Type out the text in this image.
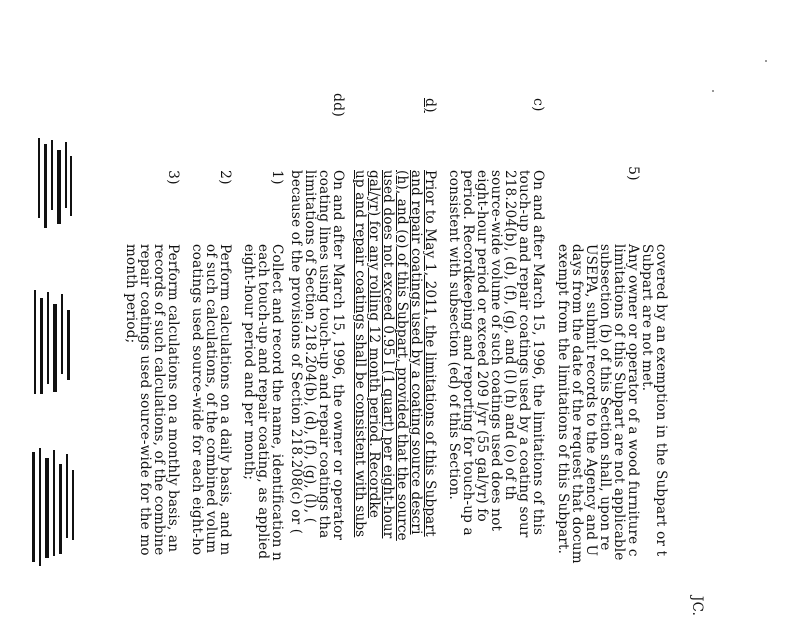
JC.
covered by an exemption in the Subpart or t
Subpart are not met.
5)
Any owner or operator of a wood furniture c
limitations of this Subpart are not applicable
subsection (b) of this Section shall, upon re
USEPA, submit records to the Agency and U
days from the date of the request that docum
exempt from the limitations of this Subpart.
c)
On and after March 15, 1996, the limitations of this
touch-up and repair coatings used by a coating sour
218.204(b), (d), (f), (g), and (l) (h) and (o) of th
source-wide volume of such coatings used does not
eight-hour period or exceed 209 l/yr (55 gal/yr) fo
period. Recordkeeping and reporting for touch-up a
consistent with subsection (ed) of this Section.
d)
Prior to May 1, 2011, the limitations of this Subpart
and repair coatings used by a coating source descri
(h), and (o) of this Subpart, provided that the source
used does not exceed 0.95 l (1 quart) per eight-hour
gal/yr) for any rolling 12 month period. Recordke
up and repair coatings shall be consistent with subs
dd)
On and after March 15, 1996, the owner or operator
coating lines using touch-up and repair coatings tha
limitations of Section 218.204(b), (d), (f), (g), (l), (
because of the provisions of Section 218.208(c) or (
1)
Collect and record the name, identification n
each touch-up and repair coating, as applied
eight-hour period and per month;
2)
Perform calculations on a daily basis, and m
of such calculations, of the combined volum
coatings used source-wide for each eight-ho
3)
Perform calculations on a monthly basis, an
records of such calculations, of the combine
repair coatings used source-wide for the mo
month period;
